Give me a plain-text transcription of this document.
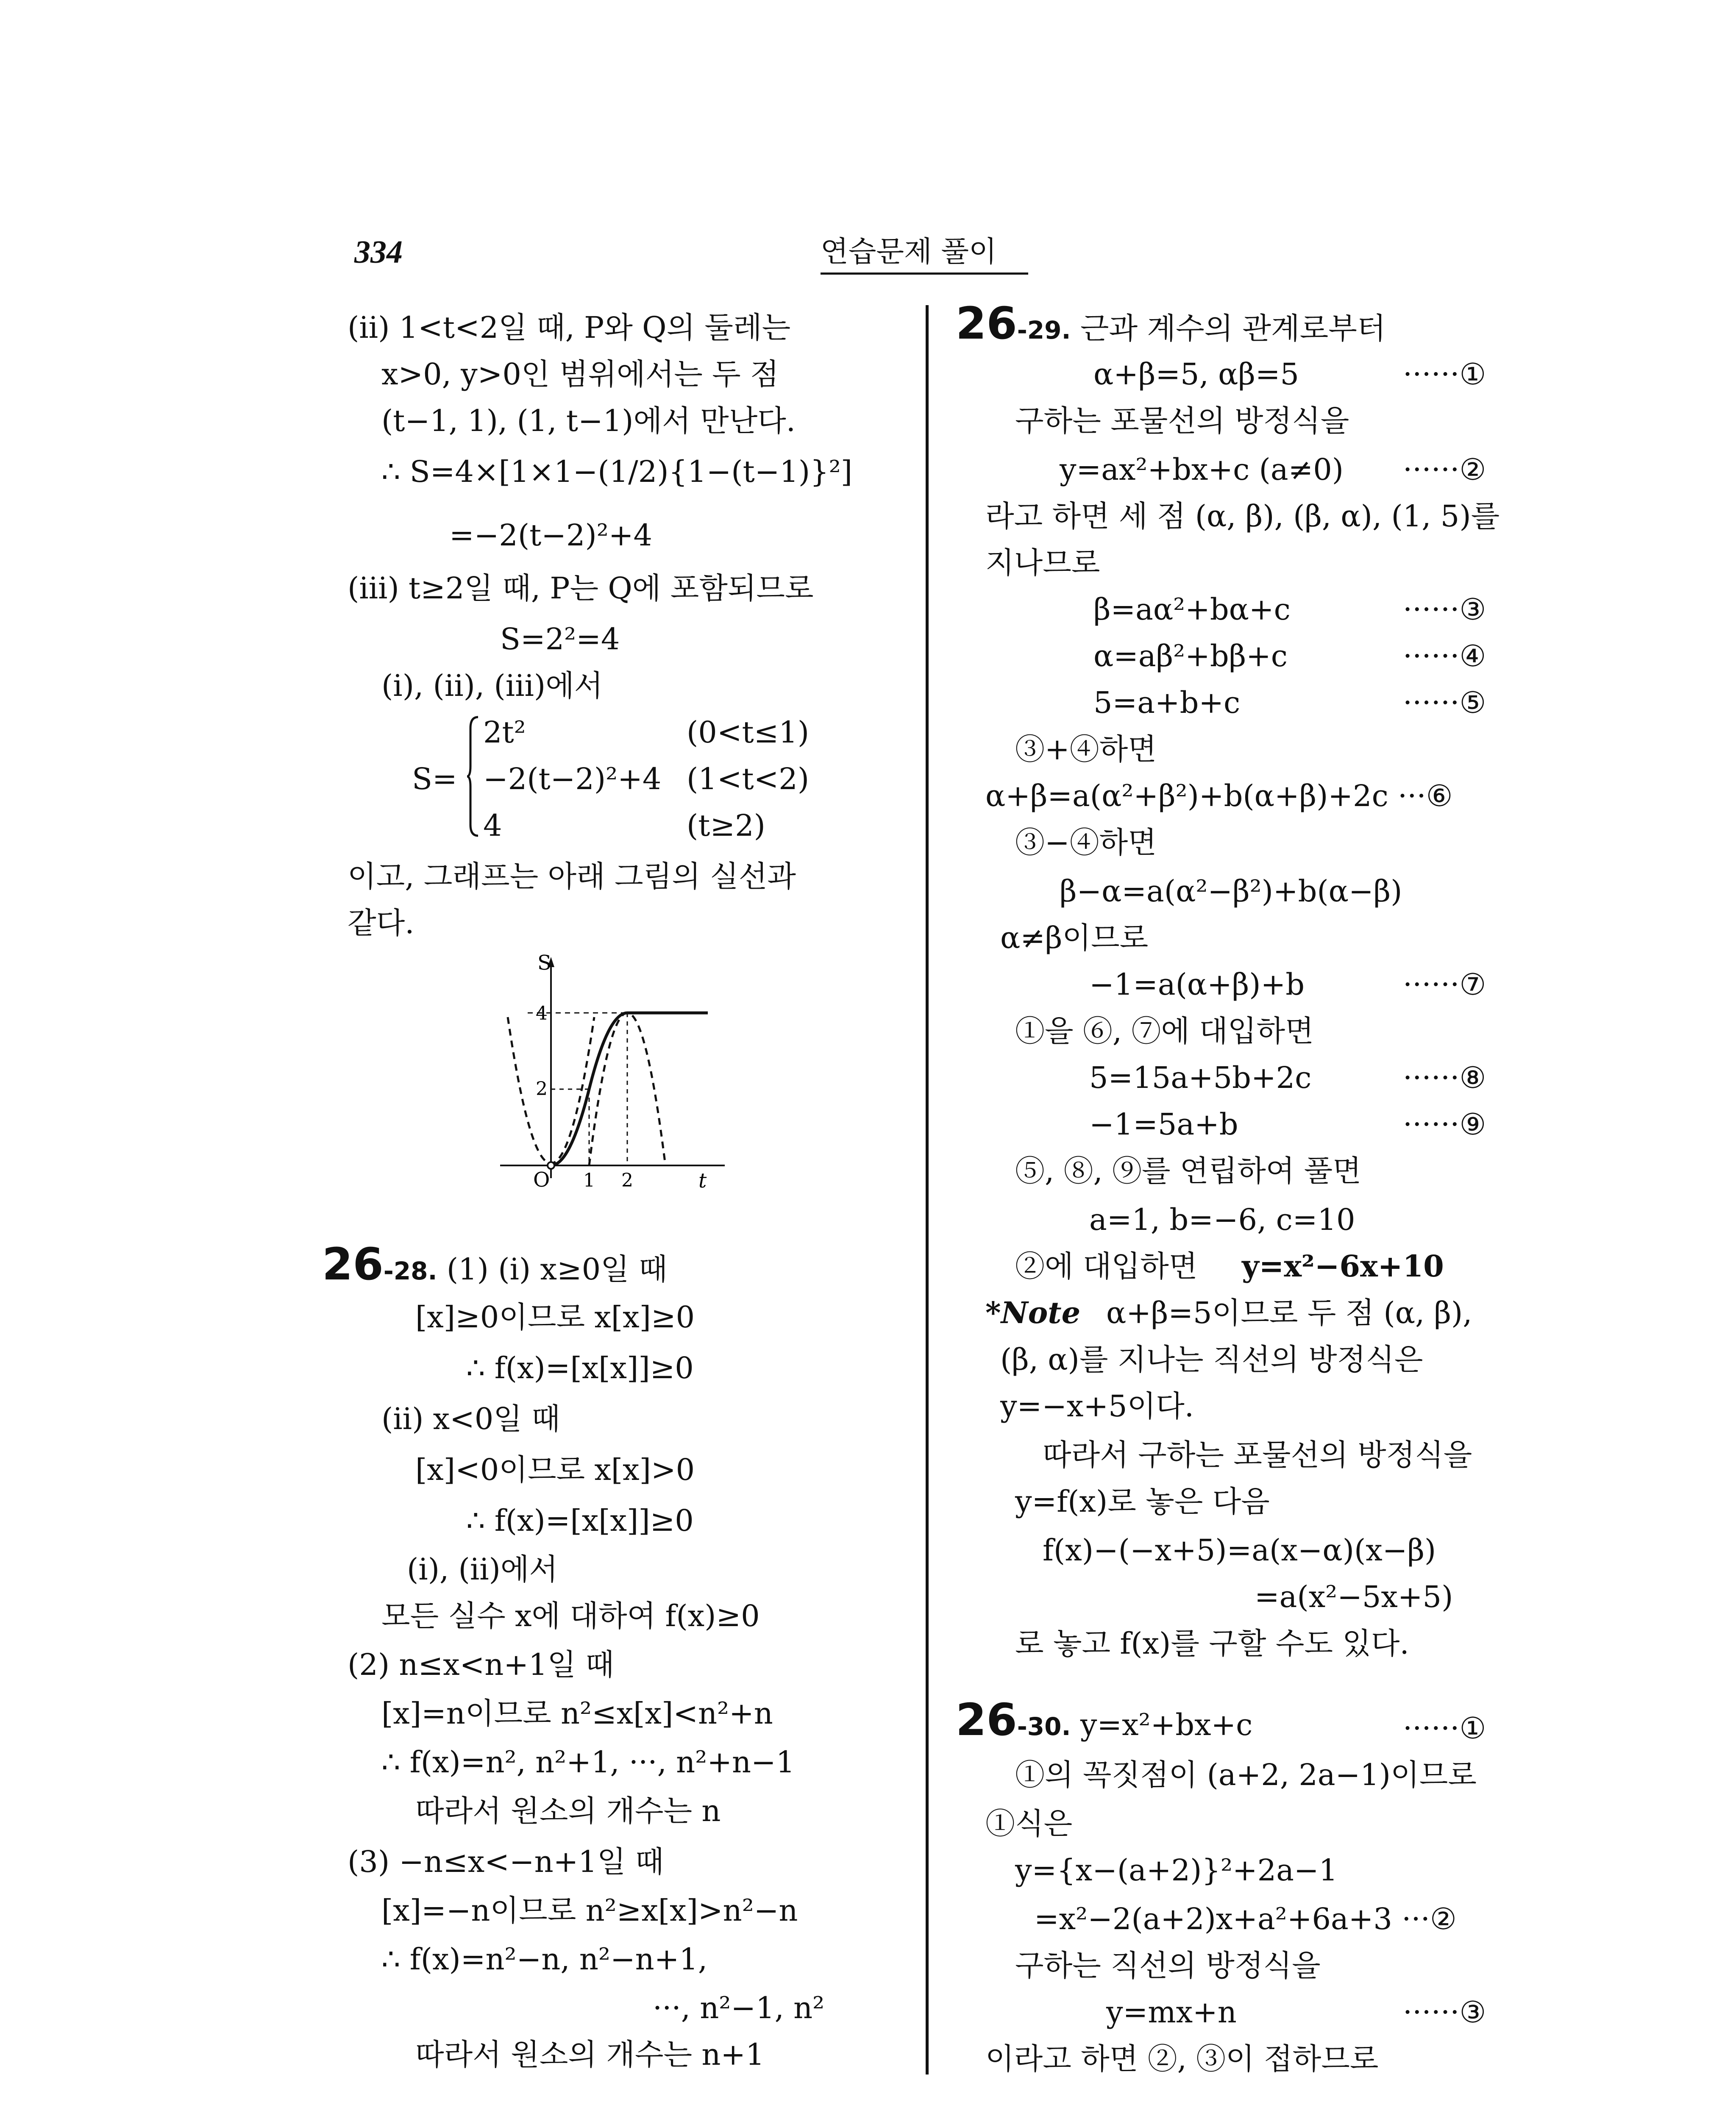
334	연습문제 풀이
(ⅱ) 1<t<2일 때, P와 Q의 둘레는
x>0, y>0인 범위에서는 두 점
(t−1, 1), (1, t−1)에서 만난다.
∴ S=4×[1×1−(1/2){1−(t−1)}²]
=−2(t−2)²+4
(ⅲ) t≥2일 때, P는 Q에 포함되므로
S=2²=4
(ⅰ), (ⅱ), (ⅲ)에서
2t²	(0<t≤1)
S= −2(t−2)²+4 (1<t<2)
4	(t≥2)
이고, 그래프는 아래 그림의 실선과
같다.
S
t
O 1 2
2
4
26-28. (1) (ⅰ) x≥0일 때
[x]≥0이므로 x[x]≥0
∴ f(x)=[x[x]]≥0
(ⅱ) x<0일 때
[x]<0이므로 x[x]>0
∴ f(x)=[x[x]]≥0
(ⅰ), (ⅱ)에서
모든 실수 x에 대하여 f(x)≥0
(2) n≤x<n+1일 때
[x]=n이므로 n²≤x[x]<n²+n
∴ f(x)=n², n²+1, ···, n²+n−1
따라서 원소의 개수는 n
(3) −n≤x<−n+1일 때
[x]=−n이므로 n²≥x[x]>n²−n
∴ f(x)=n²−n, n²−n+1,
···, n²−1, n²
따라서 원소의 개수는 n+1
26-29. 근과 계수의 관계로부터
α+β=5, αβ=5	······①
구하는 포물선의 방정식을
y=ax²+bx+c (a≠0) ······②
라고 하면 세 점 (α, β), (β, α), (1, 5)를
지나므로
β=aα²+bα+c	······③
α=aβ²+bβ+c	······④
5=a+b+c	······⑤
③+④하면
α+β=a(α²+β²)+b(α+β)+2c ···⑥
③−④하면
β−α=a(α²−β²)+b(α−β)
α≠β이므로
−1=a(α+β)+b	······⑦
①을 ⑥, ⑦에 대입하면
5=15a+5b+2c	······⑧
−1=5a+b	······⑨
⑤, ⑧, ⑨를 연립하여 풀면
a=1, b=−6, c=10
②에 대입하면 y=x²−6x+10
*Note α+β=5이므로 두 점 (α, β),
(β, α)를 지나는 직선의 방정식은
y=−x+5이다.
따라서 구하는 포물선의 방정식을
y=f(x)로 놓은 다음
f(x)−(−x+5)=a(x−α)(x−β)
=a(x²−5x+5)
로 놓고 f(x)를 구할 수도 있다.
26-30. y=x²+bx+c	······①
①의 꼭짓점이 (a+2, 2a−1)이므로
①식은
y={x−(a+2)}²+2a−1
=x²−2(a+2)x+a²+6a+3 ···②
구하는 직선의 방정식을
y=mx+n	······③
이라고 하면 ②, ③이 접하므로
